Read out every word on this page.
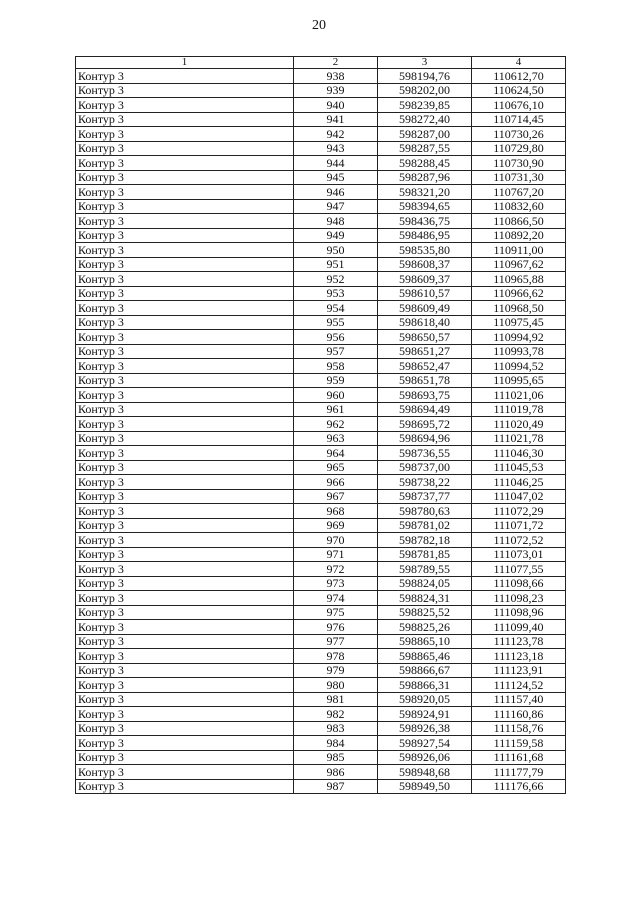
20
1	2	3	4
Контур 3	938	598194,76	110612,70
Контур 3	939	598202,00	110624,50
Контур 3	940	598239,85	110676,10
Контур 3	941	598272,40	110714,45
Контур 3	942	598287,00	110730,26
Контур 3	943	598287,55	110729,80
Контур 3	944	598288,45	110730,90
Контур 3	945	598287,96	110731,30
Контур 3	946	598321,20	110767,20
Контур 3	947	598394,65	110832,60
Контур 3	948	598436,75	110866,50
Контур 3	949	598486,95	110892,20
Контур 3	950	598535,80	110911,00
Контур 3	951	598608,37	110967,62
Контур 3	952	598609,37	110965,88
Контур 3	953	598610,57	110966,62
Контур 3	954	598609,49	110968,50
Контур 3	955	598618,40	110975,45
Контур 3	956	598650,57	110994,92
Контур 3	957	598651,27	110993,78
Контур 3	958	598652,47	110994,52
Контур 3	959	598651,78	110995,65
Контур 3	960	598693,75	111021,06
Контур 3	961	598694,49	111019,78
Контур 3	962	598695,72	111020,49
Контур 3	963	598694,96	111021,78
Контур 3	964	598736,55	111046,30
Контур 3	965	598737,00	111045,53
Контур 3	966	598738,22	111046,25
Контур 3	967	598737,77	111047,02
Контур 3	968	598780,63	111072,29
Контур 3	969	598781,02	111071,72
Контур 3	970	598782,18	111072,52
Контур 3	971	598781,85	111073,01
Контур 3	972	598789,55	111077,55
Контур 3	973	598824,05	111098,66
Контур 3	974	598824,31	111098,23
Контур 3	975	598825,52	111098,96
Контур 3	976	598825,26	111099,40
Контур 3	977	598865,10	111123,78
Контур 3	978	598865,46	111123,18
Контур 3	979	598866,67	111123,91
Контур 3	980	598866,31	111124,52
Контур 3	981	598920,05	111157,40
Контур 3	982	598924,91	111160,86
Контур 3	983	598926,38	111158,76
Контур 3	984	598927,54	111159,58
Контур 3	985	598926,06	111161,68
Контур 3	986	598948,68	111177,79
Контур 3	987	598949,50	111176,66
